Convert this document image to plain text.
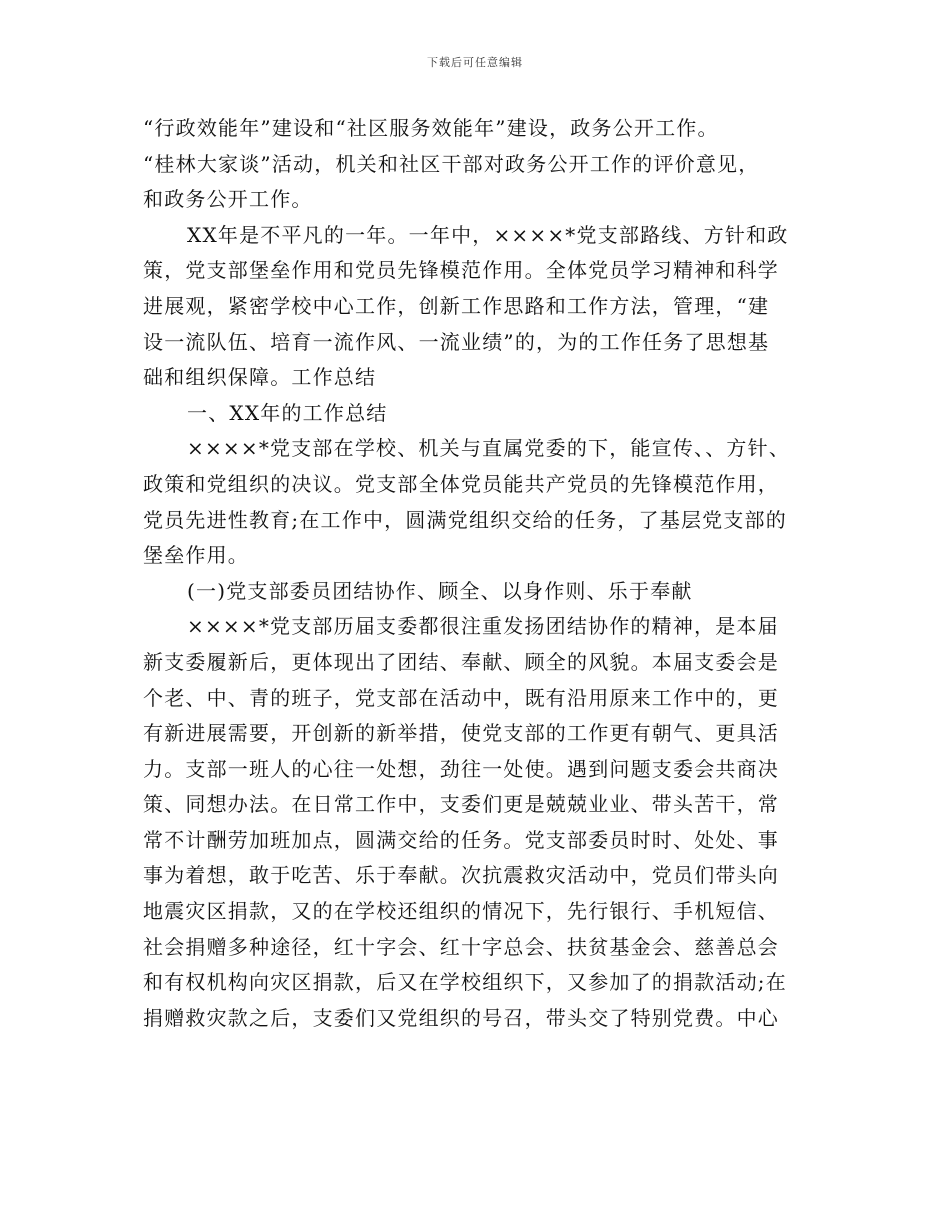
下载后可任意编辑
“行政效能年”建设和“社区服务效能年”建设，政务公开工作。
“桂林大家谈”活动，机关和社区干部对政务公开工作的评价意见，
和政务公开工作。
XX年是不平凡的一年。一年中，××××*党支部路线、方针和政
策，党支部堡垒作用和党员先锋模范作用。全体党员学习精神和科学
进展观，紧密学校中心工作，创新工作思路和工作方法，管理，“建
设一流队伍、培育一流作风、一流业绩”的，为的工作任务了思想基
础和组织保障。工作总结
一、XX年的工作总结
××××*党支部在学校、机关与直属党委的下，能宣传、、方针、
政策和党组织的决议。党支部全体党员能共产党员的先锋模范作用，
党员先进性教育;在工作中，圆满党组织交给的任务，了基层党支部的
堡垒作用。
(一)党支部委员团结协作、顾全、以身作则、乐于奉献
××××*党支部历届支委都很注重发扬团结协作的精神，是本届
新支委履新后，更体现出了团结、奉献、顾全的风貌。本届支委会是
个老、中、青的班子，党支部在活动中，既有沿用原来工作中的，更
有新进展需要，开创新的新举措，使党支部的工作更有朝气、更具活
力。支部一班人的心往一处想，劲往一处使。遇到问题支委会共商决
策、同想办法。在日常工作中，支委们更是兢兢业业、带头苦干，常
常不计酬劳加班加点，圆满交给的任务。党支部委员时时、处处、事
事为着想，敢于吃苦、乐于奉献。次抗震救灾活动中，党员们带头向
地震灾区捐款，又的在学校还组织的情况下，先行银行、手机短信、
社会捐赠多种途径，红十字会、红十字总会、扶贫基金会、慈善总会
和有权机构向灾区捐款，后又在学校组织下，又参加了的捐款活动;在
捐赠救灾款之后，支委们又党组织的号召，带头交了特别党费。中心
